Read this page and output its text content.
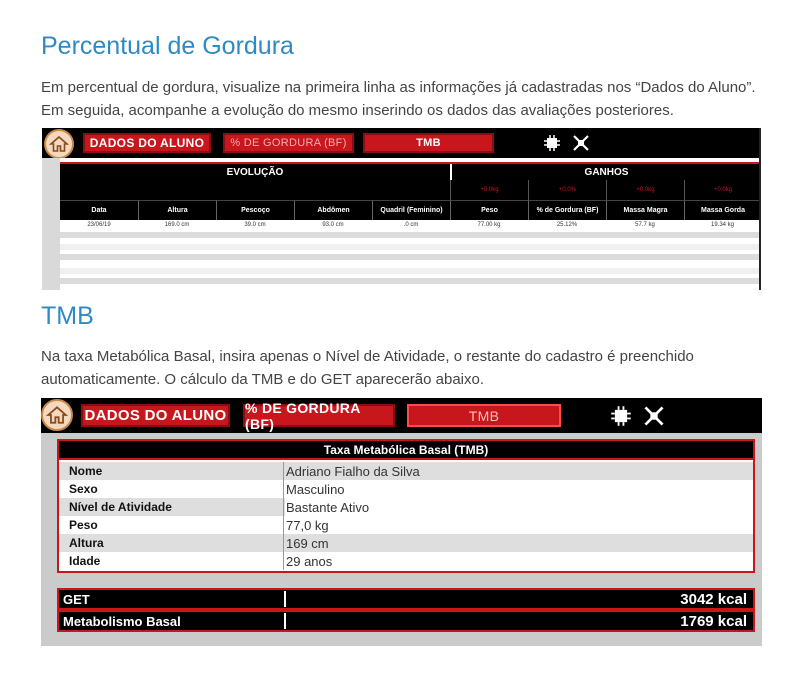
Percentual de Gordura

Em percentual de gordura, visualize na primeira linha as informações já cadastradas nos “Dados do Aluno”. Em seguida, acompanhe a evolução do mesmo inserindo os dados das avaliações posteriores.

DADOS DO ALUNO	% DE GORDURA (BF)	TMB
EVOLUÇÃO	GANHOS
+0.0kg	+0.0%	+0.0kg	+0.0kg
Data	Altura	Pescoço	Abdômen	Quadril (Feminino)	Peso	% de Gordura (BF)	Massa Magra	Massa Gorda
23/06/19	169.0 cm	39.0 cm	93.0 cm	.0 cm	77.00 kg	25.12%	57.7 kg	19.34 kg
TMB

Na taxa Metabólica Basal, insira apenas o Nível de Atividade, o restante do cadastro é preenchido automaticamente. O cálculo da TMB e do GET aparecerão abaixo.

DADOS DO ALUNO % DE GORDURA (BF)	TMB
Taxa Metabólica Basal (TMB)
Nome	Adriano Fialho da Silva
Sexo	Masculino
Nível de Atividade	Bastante Ativo
Peso	77,0 kg
Altura	169 cm
Idade	29 anos
GET	3042 kcal
Metabolismo Basal	1769 kcal
